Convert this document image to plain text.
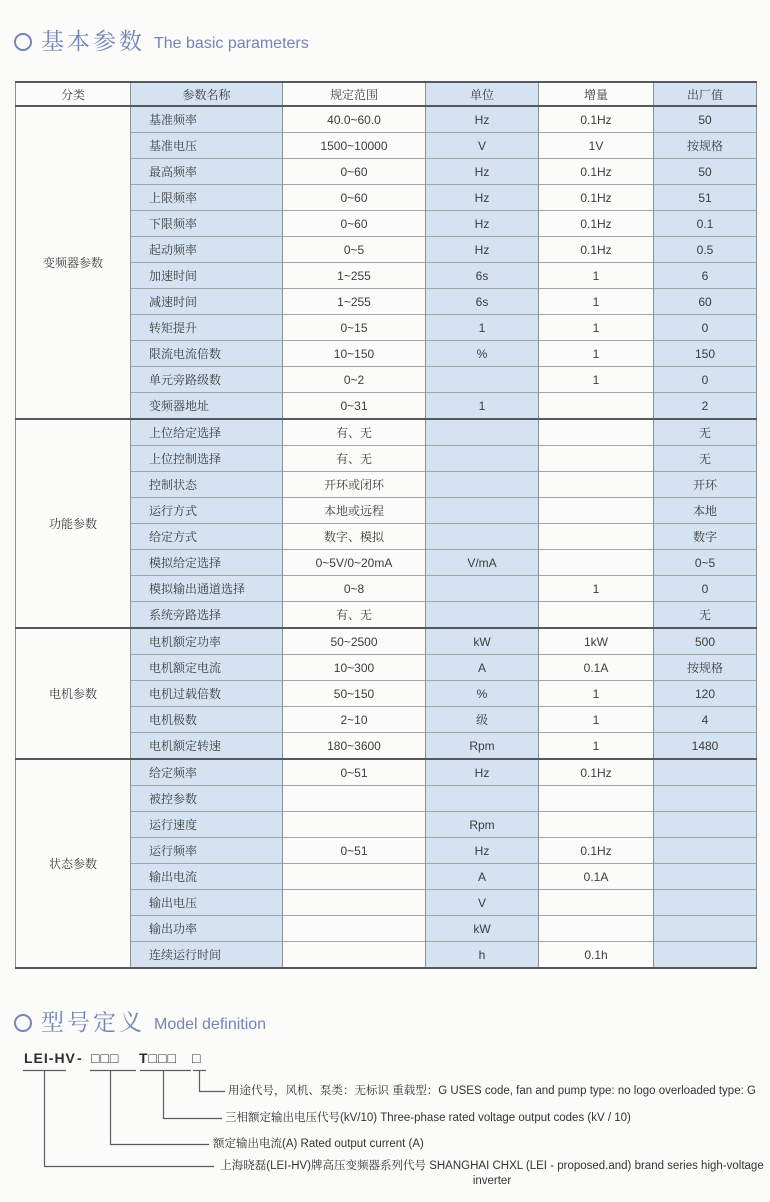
基本参数 The basic parameters
分类	参数名称	规定范围	单位	增量	出厂值
变频器参数	基准频率	40.0~60.0	Hz	0.1Hz	50
	基准电压	1500~10000	V	1V	按规格
	最高频率	0~60	Hz	0.1Hz	50
	上限频率	0~60	Hz	0.1Hz	51
	下限频率	0~60	Hz	0.1Hz	0.1
	起动频率	0~5	Hz	0.1Hz	0.5
	加速时间	1~255	6s	1	6
	减速时间	1~255	6s	1	60
	转矩提升	0~15	1	1	0
	限流电流倍数	10~150	%	1	150
	单元旁路级数	0~2		1	0
	变频器地址	0~31	1		2
功能参数	上位给定选择	有、无			无
	上位控制选择	有、无			无
	控制状态	开环或闭环			开环
	运行方式	本地或远程			本地
	给定方式	数字、模拟			数字
	模拟给定选择	0~5V/0~20mA	V/mA		0~5
	模拟输出通道选择	0~8		1	0
	系统旁路选择	有、无			无
电机参数	电机额定功率	50~2500	kW	1kW	500
	电机额定电流	10~300	A	0.1A	按规格
	电机过载倍数	50~150	%	1	120
	电机极数	2~10	级	1	4
	电机额定转速	180~3600	Rpm	1	1480
状态参数	给定频率	0~51	Hz	0.1Hz	
	被控参数				
	运行速度		Rpm		
	运行频率	0~51	Hz	0.1Hz	
	输出电流		A	0.1A	
	输出电压		V		
	输出功率		kW		
	连续运行时间		h	0.1h	
型号定义 Model definition
LEI-HV - □□□ T□□□ □
用途代号，风机、泵类：无标识 重载型：G USES code, fan and pump type: no logo overloaded type: G
三相额定输出电压代号(kV/10) Three-phase rated voltage output codes (kV / 10)
额定输出电流(A) Rated output current (A)
上海晓磊(LEI-HV)牌高压变频器系列代号 SHANGHAI CHXL (LEI - proposed.and) brand series high-voltage inverter
